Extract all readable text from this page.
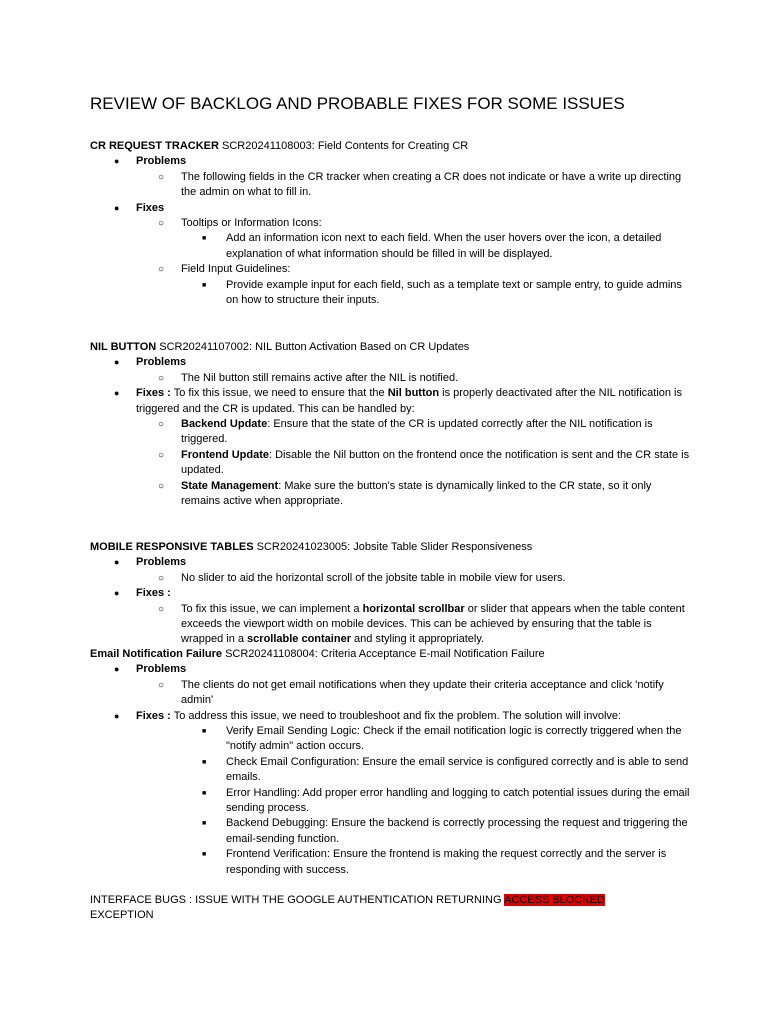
REVIEW OF BACKLOG AND PROBABLE FIXES FOR SOME ISSUES
CR REQUEST TRACKER SCR20241108003: Field Contents for Creating CR
● Problems
○ The following fields in the CR tracker when creating a CR does not indicate or have a write up directing the admin on what to fill in.
● Fixes
○ Tooltips or Information Icons:
■ Add an information icon next to each field. When the user hovers over the icon, a detailed explanation of what information should be filled in will be displayed.
○ Field Input Guidelines:
■ Provide example input for each field, such as a template text or sample entry, to guide admins on how to structure their inputs.
NIL BUTTON SCR20241107002: NIL Button Activation Based on CR Updates
● Problems
○ The Nil button still remains active after the NIL is notified.
● Fixes : To fix this issue, we need to ensure that the Nil button is properly deactivated after the NIL notification is triggered and the CR is updated. This can be handled by:
○ Backend Update: Ensure that the state of the CR is updated correctly after the NIL notification is triggered.
○ Frontend Update: Disable the Nil button on the frontend once the notification is sent and the CR state is updated.
○ State Management: Make sure the button's state is dynamically linked to the CR state, so it only remains active when appropriate.
MOBILE RESPONSIVE TABLES SCR20241023005: Jobsite Table Slider Responsiveness
● Problems
○ No slider to aid the horizontal scroll of the jobsite table in mobile view for users.
● Fixes :
○ To fix this issue, we can implement a horizontal scrollbar or slider that appears when the table content exceeds the viewport width on mobile devices. This can be achieved by ensuring that the table is wrapped in a scrollable container and styling it appropriately.
Email Notification Failure SCR20241108004: Criteria Acceptance E-mail Notification Failure
● Problems
○ The clients do not get email notifications when they update their criteria acceptance and click 'notify admin'
● Fixes : To address this issue, we need to troubleshoot and fix the problem. The solution will involve:
■ Verify Email Sending Logic: Check if the email notification logic is correctly triggered when the "notify admin" action occurs.
■ Check Email Configuration: Ensure the email service is configured correctly and is able to send emails.
■ Error Handling: Add proper error handling and logging to catch potential issues during the email sending process.
■ Backend Debugging: Ensure the backend is correctly processing the request and triggering the email-sending function.
■ Frontend Verification: Ensure the frontend is making the request correctly and the server is responding with success.
INTERFACE BUGS : ISSUE WITH THE GOOGLE AUTHENTICATION RETURNING ACCESS BLOCKED
EXCEPTION
